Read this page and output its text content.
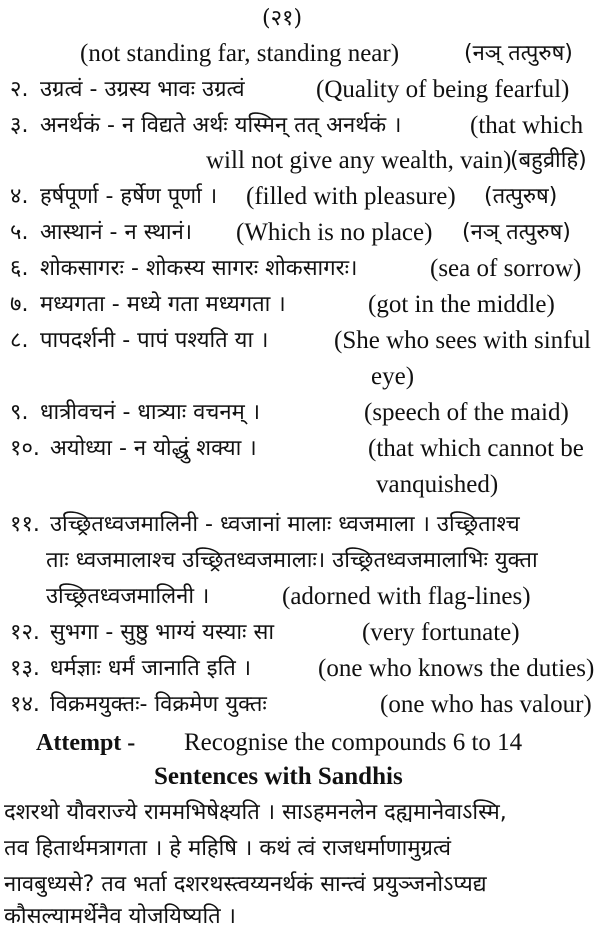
(२१)
(not standing far, standing near)	(नञ् तत्पुरुष)
२. उग्रत्वं - उग्रस्य भावः उग्रत्वं	(Quality of being fearful)
३. अनर्थकं - न विद्यते अर्थः यस्मिन् तत् अनर्थकं ।	(that which
will not give any wealth, vain)
(बहुव्रीहि)
४. हर्षपूर्णा - हर्षेण पूर्णा । (filled with pleasure) (तत्पुरुष)
५. आस्थानं - न स्थानं। (Which is no place) (नञ् तत्पुरुष)
६. शोकसागरः - शोकस्य सागरः शोकसागरः।	(sea of sorrow)
७. मध्यगता - मध्ये गता मध्यगता ।	(got in the middle)
८. पापदर्शनी - पापं पश्यति या ।	(She who sees with sinful
eye)
९. धात्रीवचनं - धात्र्याः वचनम् ।	(speech of the maid)
१०. अयोध्या - न योद्धुं शक्या ।	(that which cannot be
vanquished)
११. उच्छ्रितध्वजमालिनी - ध्वजानां मालाः ध्वजमाला । उच्छ्रिताश्च
ताः ध्वजमालाश्च उच्छ्रितध्वजमालाः। उच्छ्रितध्वजमालाभिः युक्ता
उच्छ्रितध्वजमालिनी ।	(adorned with flag-lines)
१२. सुभगा - सुष्ठु भाग्यं यस्याः सा	(very fortunate)
१३. धर्मज्ञाः धर्मं जानाति इति ।	(one who knows the duties)
१४. विक्रमयुक्तः- विक्रमेण युक्तः	(one who has valour)
Attempt - Recognise the compounds 6 to 14
Sentences with Sandhis
दशरथो यौवराज्ये राममभिषेक्ष्यति । साऽहमनलेन दह्यमानेवाऽस्मि,
तव हितार्थमत्रागता । हे महिषि । कथं त्वं राजधर्माणामुग्रत्वं
नावबुध्यसे? तव भर्ता दशरथस्त्वय्यनर्थकं सान्त्वं प्रयुञ्जनोऽप्यद्य
कौसल्यामर्थेनैव योजयिष्यति ।
